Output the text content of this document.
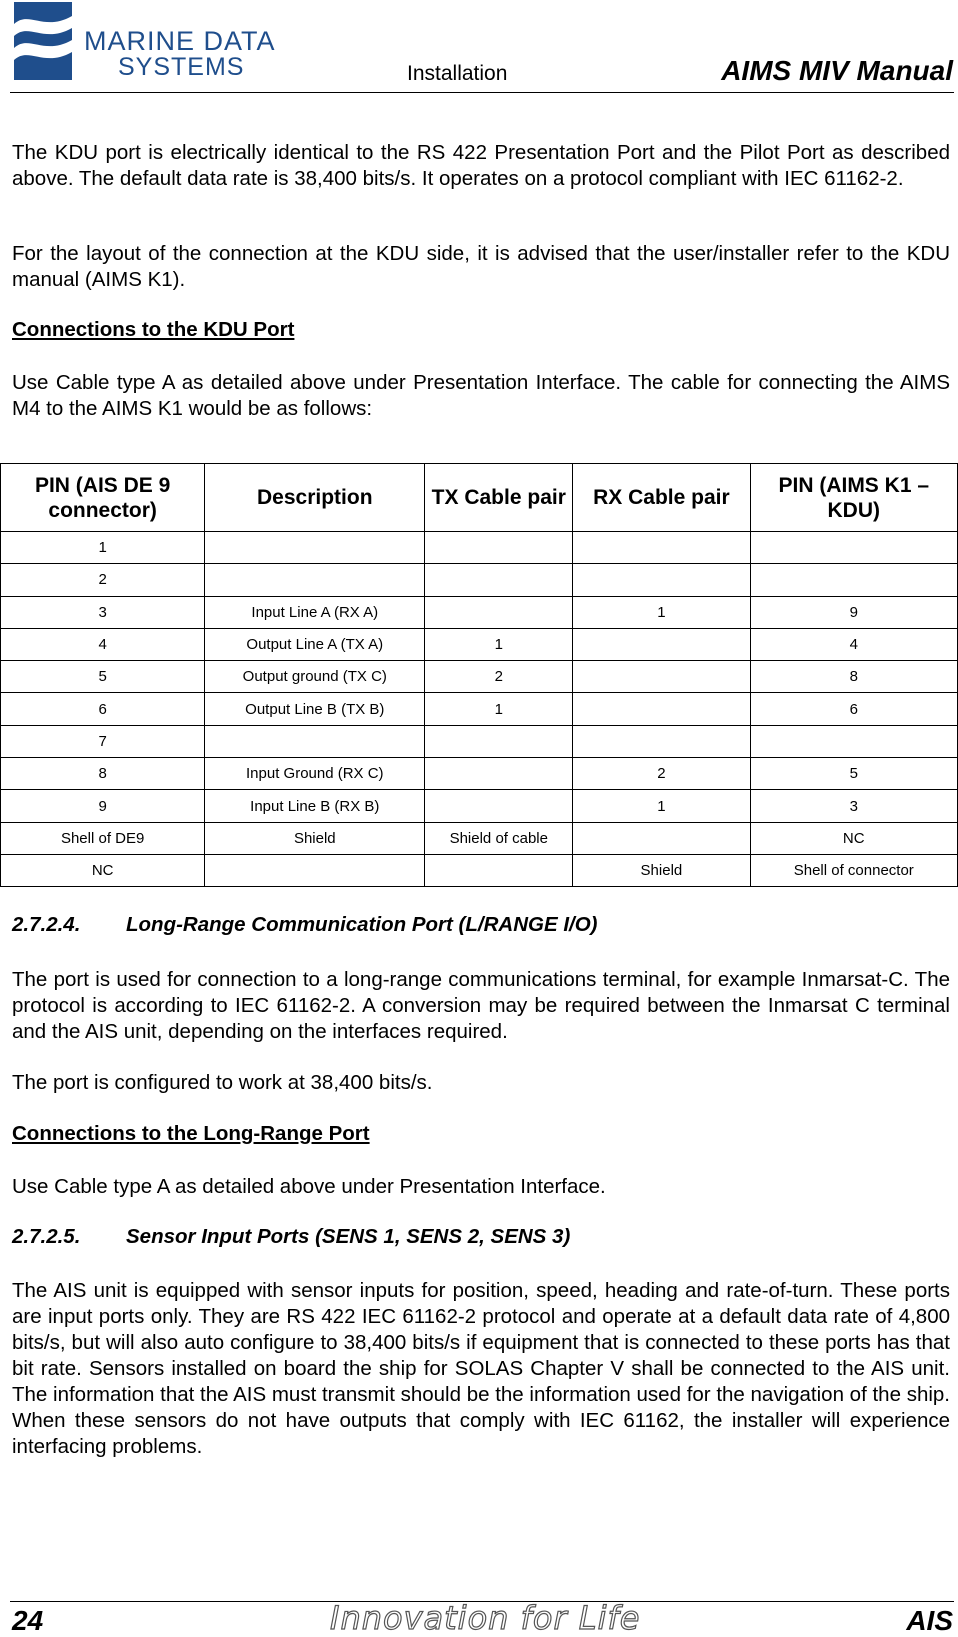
MARINE DATA
SYSTEMS	Installation	AIMS MIV Manual

The KDU port is electrically identical to the RS 422 Presentation Port and the Pilot Port as described above. The default data rate is 38,400 bits/s. It operates on a protocol compliant with IEC 61162-2.

For the layout of the connection at the KDU side, it is advised that the user/installer refer to the KDU manual (AIMS K1).

Connections to the KDU Port

Use Cable type A as detailed above under Presentation Interface. The cable for connecting the AIMS M4 to the AIMS K1 would be as follows:

PIN (AIS DE 9 connector)	Description	TX Cable pair	RX Cable pair	PIN (AIMS K1 – KDU)
1				
2				
3	Input Line A (RX A)		1	9
4	Output Line A (TX A)	1		4
5	Output ground (TX C)	2		8
6	Output Line B (TX B)	1		6
7				
8	Input Ground (RX C)		2	5
9	Input Line B (RX B)		1	3
Shell of DE9	Shield	Shield of cable		NC
NC			Shield	Shell of connector

2.7.2.4. Long-Range Communication Port (L/RANGE I/O)

The port is used for connection to a long-range communications terminal, for example Inmarsat-C. The protocol is according to IEC 61162-2. A conversion may be required between the Inmarsat C terminal and the AIS unit, depending on the interfaces required.

The port is configured to work at 38,400 bits/s.

Connections to the Long-Range Port

Use Cable type A as detailed above under Presentation Interface.

2.7.2.5. Sensor Input Ports (SENS 1, SENS 2, SENS 3)

The AIS unit is equipped with sensor inputs for position, speed, heading and rate-of-turn. These ports are input ports only. They are RS 422 IEC 61162-2 protocol and operate at a default data rate of 4,800 bits/s, but will also auto configure to 38,400 bits/s if equipment that is connected to these ports has that bit rate. Sensors installed on board the ship for SOLAS Chapter V shall be connected to the AIS unit. The information that the AIS must transmit should be the information used for the navigation of the ship. When these sensors do not have outputs that comply with IEC 61162, the installer will experience interfacing problems.

24	Innovation for Life	AIS
